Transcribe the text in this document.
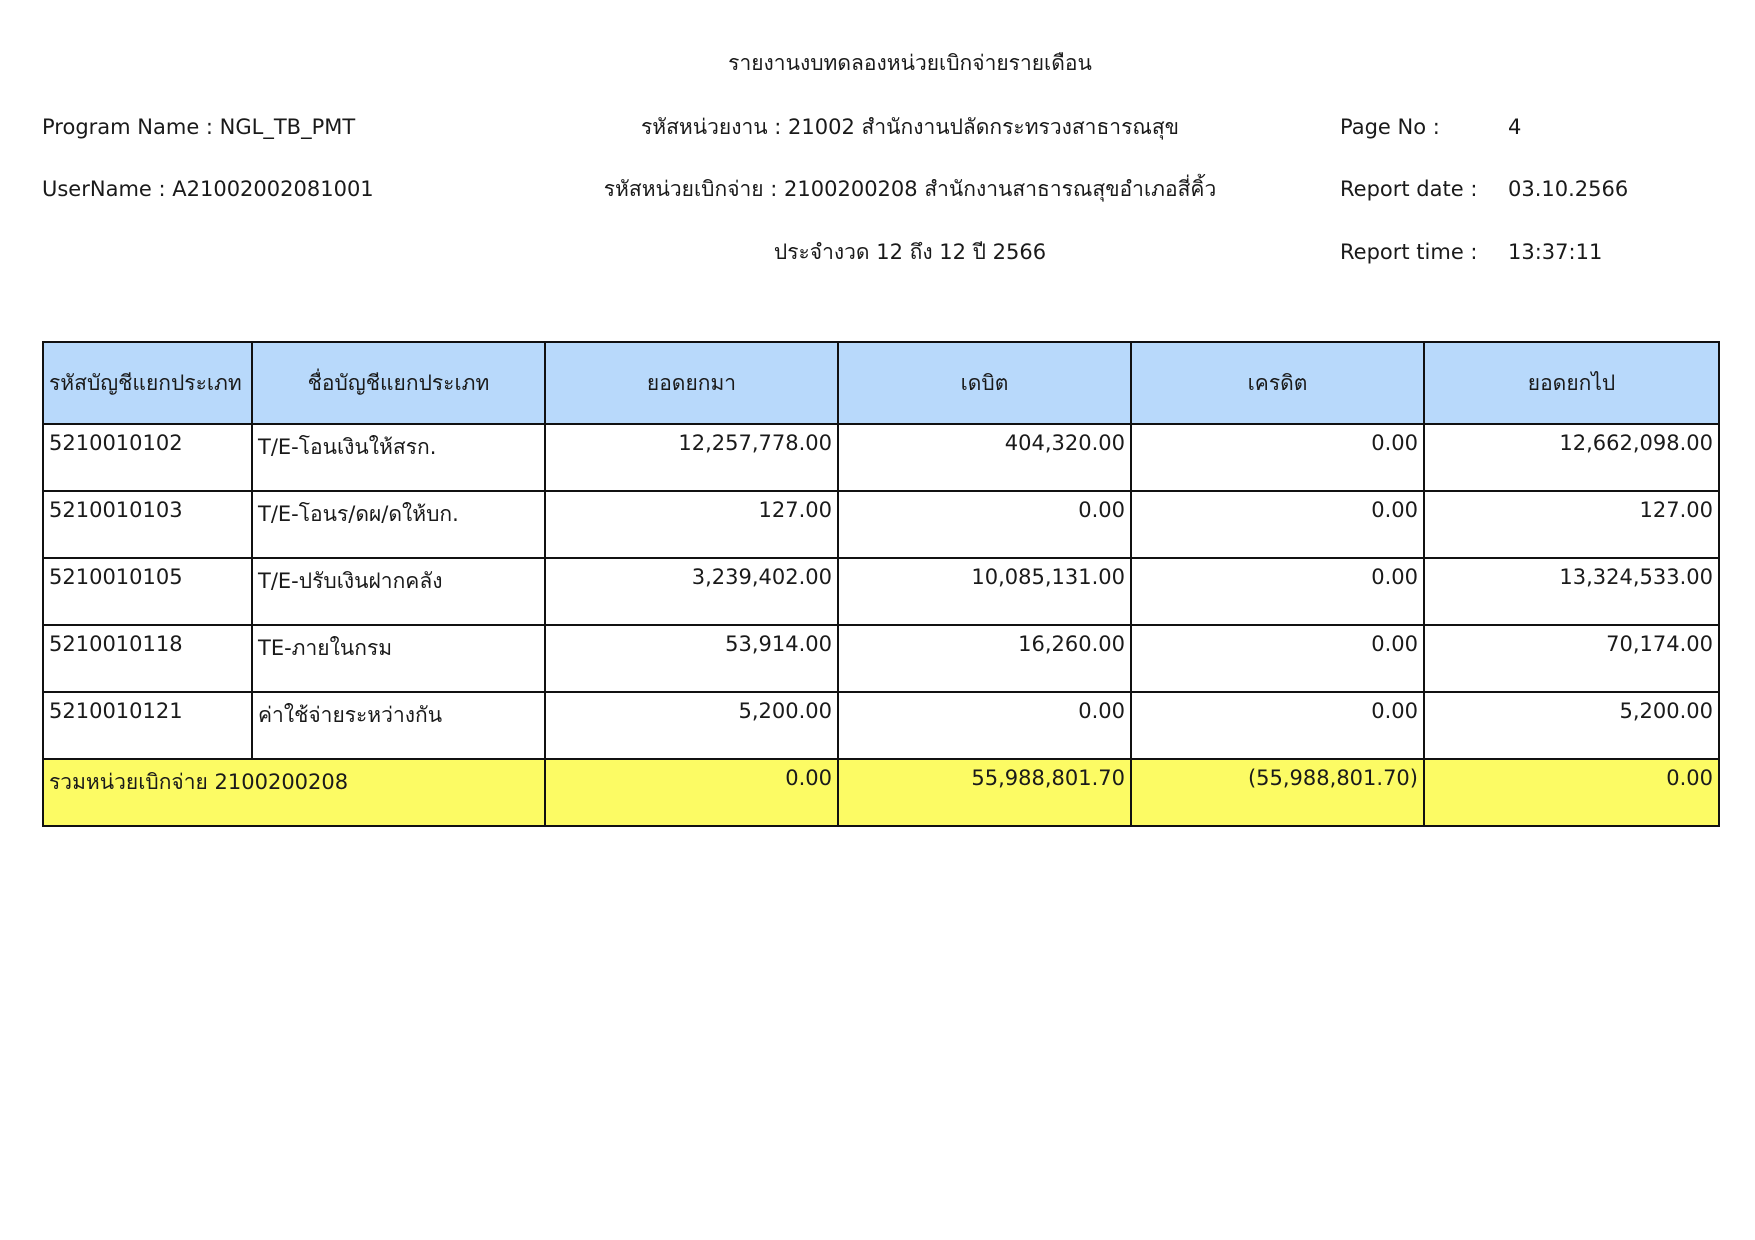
รายงานงบทดลองหน่วยเบิกจ่ายรายเดือน
Program Name : NGL_TB_PMT	รหัสหน่วยงาน : 21002 สำนักงานปลัดกระทรวงสาธารณสุข	Page No :	4
UserName : A21002002081001	รหัสหน่วยเบิกจ่าย : 2100200208 สำนักงานสาธารณสุขอำเภอสี่คิ้ว	Report date : 03.10.2566
ประจำงวด 12 ถึง 12 ปี 2566	Report time : 13:37:11
รหัสบัญชีแยกประเภท	ชื่อบัญชีแยกประเภท	ยอดยกมา	เดบิต	เครดิต	ยอดยกไป
5210010102	T/E-โอนเงินให้สรก.	12,257,778.00	404,320.00	0.00	12,662,098.00
5210010103	T/E-โอนร/ดผ/ดให้บก.	127.00	0.00	0.00	127.00
5210010105	T/E-ปรับเงินฝากคลัง	3,239,402.00	10,085,131.00	0.00	13,324,533.00
5210010118	TE-ภายในกรม	53,914.00	16,260.00	0.00	70,174.00
5210010121	ค่าใช้จ่ายระหว่างกัน	5,200.00	0.00	0.00	5,200.00
รวมหน่วยเบิกจ่าย 2100200208		0.00	55,988,801.70	(55,988,801.70)	0.00
